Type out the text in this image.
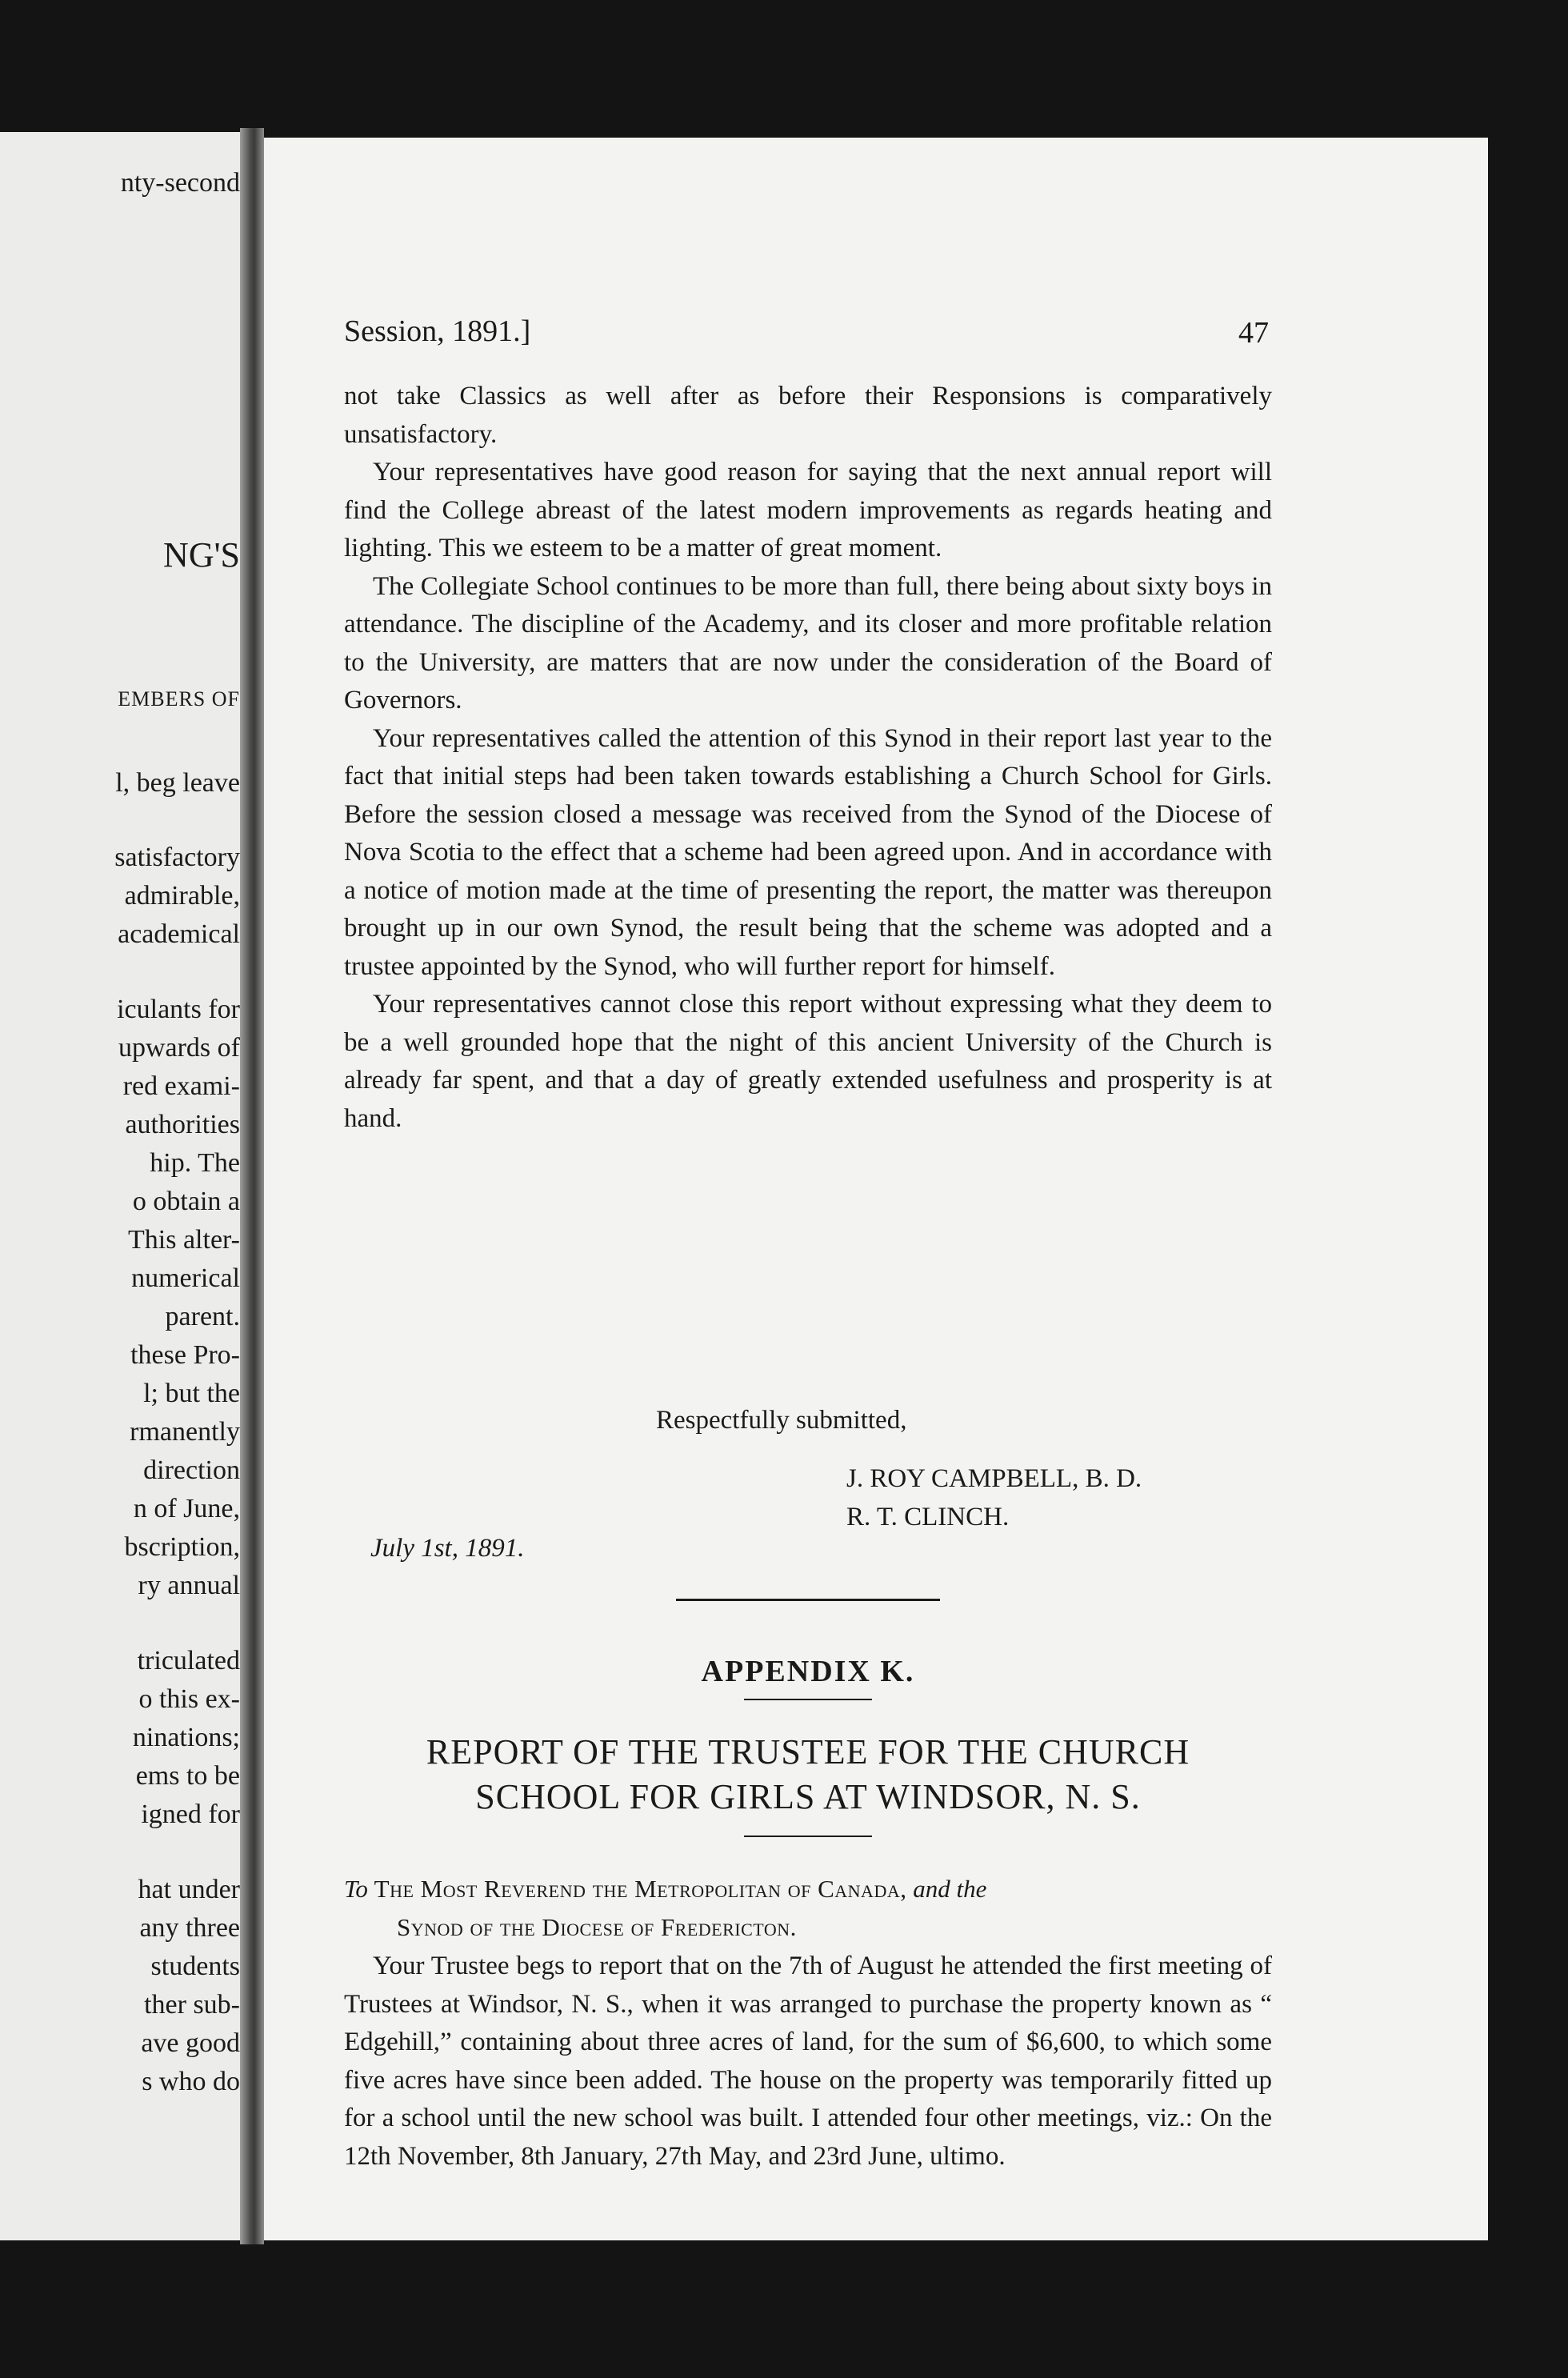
nty-second
NG'S
EMBERS OF
l, beg leave
satisfactory
admirable,
academical
iculants for
upwards of
red exami-
authorities
hip. The
o obtain a
This alter-
numerical
parent.
these Pro-
l; but the
rmanently
direction
n of June,
bscription,
ry annual
triculated
o this ex-
ninations;
ems to be
igned for
hat under
any three
students
ther sub-
ave good
s who do
Session, 1891.]	47

not take Classics as well after as before their Responsions is comparatively unsatisfactory.

Your representatives have good reason for saying that the next annual report will find the College abreast of the latest modern improvements as regards heating and lighting. This we esteem to be a matter of great moment.

The Collegiate School continues to be more than full, there being about sixty boys in attendance. The discipline of the Academy, and its closer and more profitable relation to the University, are matters that are now under the consideration of the Board of Governors.

Your representatives called the attention of this Synod in their report last year to the fact that initial steps had been taken towards establishing a Church School for Girls. Before the session closed a message was received from the Synod of the Diocese of Nova Scotia to the effect that a scheme had been agreed upon. And in accordance with a notice of motion made at the time of presenting the report, the matter was thereupon brought up in our own Synod, the result being that the scheme was adopted and a trustee appointed by the Synod, who will further report for himself.

Your representatives cannot close this report without expressing what they deem to be a well grounded hope that the night of this ancient University of the Church is already far spent, and that a day of greatly extended usefulness and prosperity is at hand.

Respectfully submitted,
J. ROY CAMPBELL, B. D.
R. T. CLINCH.
July 1st, 1891.
APPENDIX K.
REPORT OF THE TRUSTEE FOR THE CHURCH
SCHOOL FOR GIRLS AT WINDSOR, N. S.
To The Most Reverend the Metropolitan of Canada, and the
Synod of the Diocese of Fredericton.

Your Trustee begs to report that on the 7th of August he attended the first meeting of Trustees at Windsor, N. S., when it was arranged to purchase the property known as “ Edgehill,” containing about three acres of land, for the sum of $6,600, to which some five acres have since been added. The house on the property was temporarily fitted up for a school until the new school was built. I attended four other meetings, viz.: On the 12th November, 8th January, 27th May, and 23rd June, ultimo.
